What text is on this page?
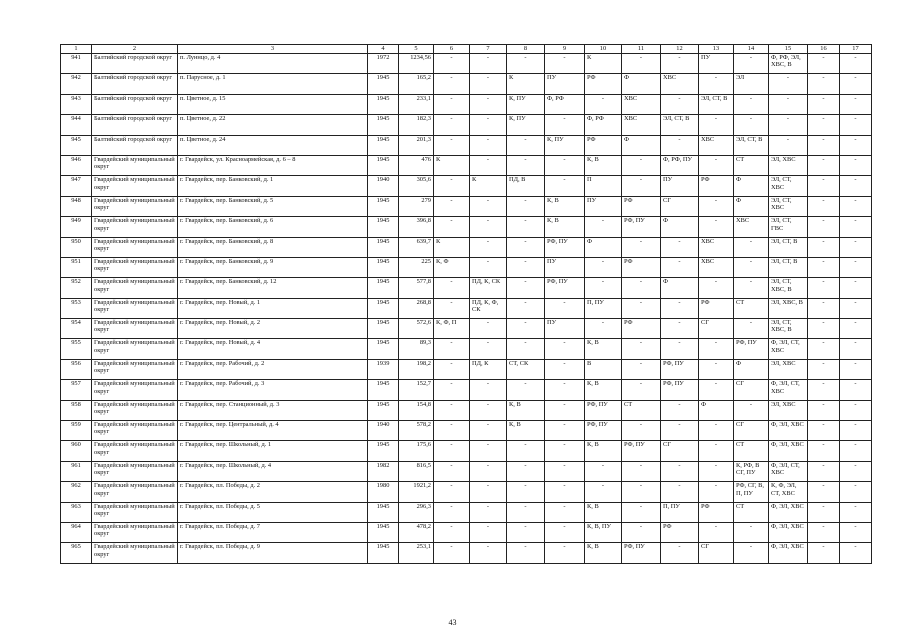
1	2	3	4	5	6	7	8	9	10	11	12	13	14	15	16	17
941	Балтийский городской округ	п. Луннцо, д. 4	1972	1234,56	-	-	-	-	К	-	-	ПУ	-	Ф, РФ, ЭЛ, ХВС, В	-	-
942	Балтийский городской округ	п. Парусное, д. 1	1945	165,2	-	-	К	ПУ	РФ	Ф	ХВС	-	ЭЛ	-	-	-
943	Балтийский городской округ	п. Цветное, д. 15	1945	233,1	-	-	К, ПУ	Ф, РФ	-	ХВС	-	ЭЛ, СТ, В	-	-	-	-
944	Балтийский городской округ	п. Цветное, д. 22	1945	182,3	-	-	К, ПУ	-	Ф, РФ	ХВС	ЭЛ, СТ, В	-	-	-	-	-
945	Балтийский городской округ	п. Цветное, д. 24	1945	201,3	-	-	-	К, ПУ	РФ	Ф	-	ХВС	ЭЛ, СТ, В	-	-	-
946	Гвардейский муниципальный округ	г. Гвардейск, ул. Красноармейская, д. 6 – 8	1945	476	К	-	-	-	К, В	-	Ф, РФ, ПУ	-	СТ	ЭЛ, ХВС	-	-
947	Гвардейский муниципальный округ	г. Гвардейск, пер. Банковский, д. 1	1940	305,6	-	К	ПД, В	-	П	-	ПУ	РФ	Ф	ЭЛ, СТ, ХВС	-	-
948	Гвардейский муниципальный округ	г. Гвардейск, пер. Банковский, д. 5	1945	279	-	-	-	К, В	ПУ	РФ	СГ	-	Ф	ЭЛ, СТ, ХВС	-	-
949	Гвардейский муниципальный округ	г. Гвардейск, пер. Банковский, д. 6	1945	396,8	-	-	-	К, В	-	РФ, ПУ	Ф	-	ХВС	ЭЛ, СТ, ГВС	-	-
950	Гвардейский муниципальный округ	г. Гвардейск, пер. Банковский, д. 8	1945	639,7	К	-	-	РФ, ПУ	Ф	-	-	ХВС	-	ЭЛ, СТ, В	-	-
951	Гвардейский муниципальный округ	г. Гвардейск, пер. Банковский, д. 9	1945	225	К, Ф	-	-	ПУ	-	РФ	-	ХВС	-	ЭЛ, СТ, В	-	-
952	Гвардейский муниципальный округ	г. Гвардейск, пер. Банковский, д. 12	1945	577,8	-	ПД, К, СК	-	РФ, ПУ	-	-	Ф	-	-	ЭЛ, СТ, ХВС, В	-	-
953	Гвардейский муниципальный округ	г. Гвардейск, пер. Новый, д. 1	1945	268,8	-	ПД, К, Ф, СК	-	-	П, ПУ	-	-	РФ	СТ	ЭЛ, ХВС, В	-	-
954	Гвардейский муниципальный округ	г. Гвардейск, пер. Новый, д. 2	1945	572,6	К, Ф, П	-	-	ПУ	-	РФ	-	СГ	-	ЭЛ, СТ, ХВС, В	-	-
955	Гвардейский муниципальный округ	г. Гвардейск, пер. Новый, д. 4	1945	89,3	-	-	-	-	К, В	-	-	-	РФ, ПУ	Ф, ЭЛ, СТ, ХВС	-	-
956	Гвардейский муниципальный округ	г. Гвардейск, пер. Рабочий, д. 2	1939	198,2	-	ПД, К	СТ, СК	-	В	-	РФ, ПУ	-	Ф	ЭЛ, ХВС	-	-
957	Гвардейский муниципальный округ	г. Гвардейск, пер. Рабочий, д. 3	1945	152,7	-	-	-	-	К, В	-	РФ, ПУ	-	СГ	Ф, ЭЛ, СТ, ХВС	-	-
958	Гвардейский муниципальный округ	г. Гвардейск, пер. Станционный, д. 3	1945	154,8	-	-	К, В	-	РФ, ПУ	СТ	-	Ф	-	ЭЛ, ХВС	-	-
959	Гвардейский муниципальный округ	г. Гвардейск, пер. Центральный, д. 4	1940	578,2	-	-	К, В	-	РФ, ПУ	-	-	-	СГ	Ф, ЭЛ, ХВС	-	-
960	Гвардейский муниципальный округ	г. Гвардейск, пер. Школьный, д. 1	1945	175,6	-	-	-	-	К, В	РФ, ПУ	СГ	-	СТ	Ф, ЭЛ, ХВС	-	-
961	Гвардейский муниципальный округ	г. Гвардейск, пер. Школьный, д. 4	1982	816,5	-	-	-	-	-	-	-	-	К, РФ, В СГ, ПУ	Ф, ЭЛ, СТ, ХВС	-	-
962	Гвардейский муниципальный округ	г. Гвардейск, пл. Победы, д. 2	1980	1921,2	-	-	-	-	-	-	-	-	РФ, СГ, В, П, ПУ	К, Ф, ЭЛ, СТ, ХВС	-	-
963	Гвардейский муниципальный округ	г. Гвардейск, пл. Победы, д. 5	1945	296,3	-	-	-	-	К, В	-	П, ПУ	РФ	СТ	Ф, ЭЛ, ХВС	-	-
964	Гвардейский муниципальный округ	г. Гвардейск, пл. Победы, д. 7	1945	478,2	-	-	-	-	К, В, ПУ	-	РФ	-	-	Ф, ЭЛ, ХВС	-	-
965	Гвардейский муниципальный округ	г. Гвардейск, пл. Победы, д. 9	1945	253,1	-	-	-	-	К, В	РФ, ПУ	-	СГ	-	Ф, ЭЛ, ХВС	-	-
43
